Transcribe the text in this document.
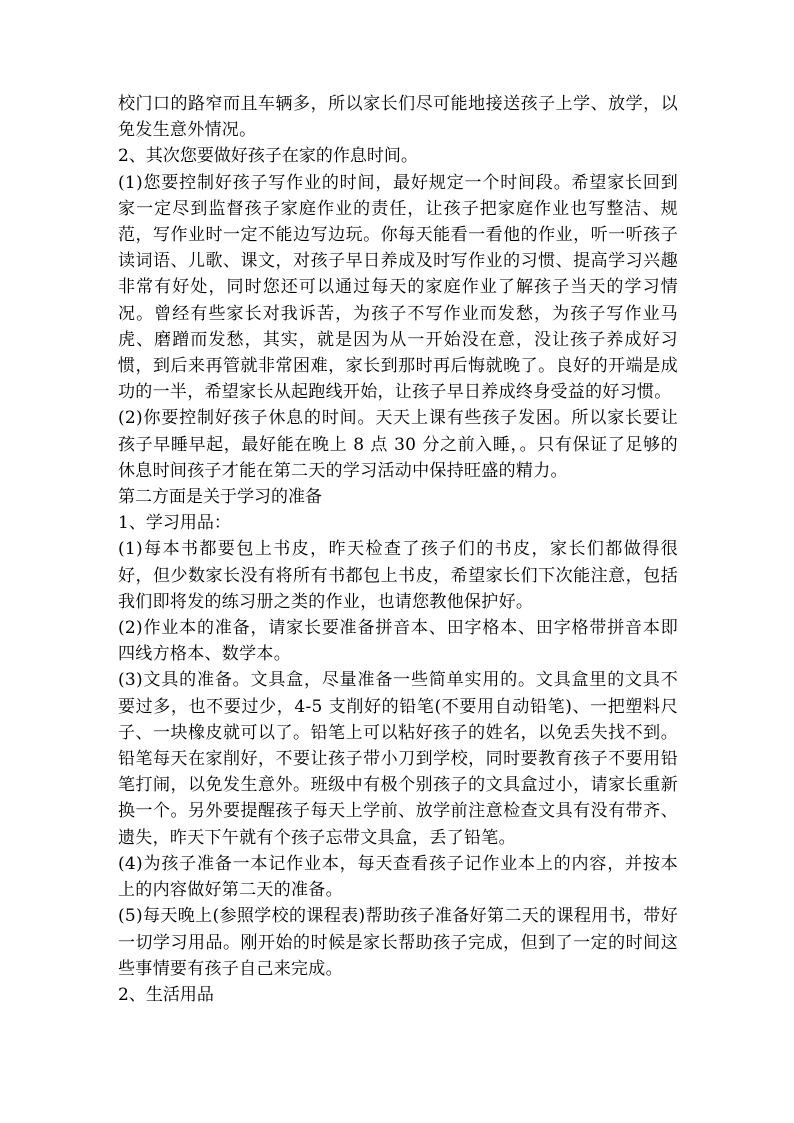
校门口的路窄而且车辆多，所以家长们尽可能地接送孩子上学、放学，以免发生意外情况。

2、其次您要做好孩子在家的作息时间。

(1)您要控制好孩子写作业的时间，最好规定一个时间段。希望家长回到家一定尽到监督孩子家庭作业的责任，让孩子把家庭作业也写整洁、规范，写作业时一定不能边写边玩。你每天能看一看他的作业，听一听孩子读词语、儿歌、课文，对孩子早日养成及时写作业的习惯、提高学习兴趣非常有好处，同时您还可以通过每天的家庭作业了解孩子当天的学习情况。曾经有些家长对我诉苦，为孩子不写作业而发愁，为孩子写作业马虎、磨蹭而发愁，其实，就是因为从一开始没在意，没让孩子养成好习惯，到后来再管就非常困难，家长到那时再后悔就晚了。良好的开端是成功的一半，希望家长从起跑线开始，让孩子早日养成终身受益的好习惯。

(2)你要控制好孩子休息的时间。天天上课有些孩子发困。所以家长要让孩子早睡早起，最好能在晚上 8 点 30 分之前入睡，。只有保证了足够的休息时间孩子才能在第二天的学习活动中保持旺盛的精力。

第二方面是关于学习的准备

1、学习用品：

(1)每本书都要包上书皮，昨天检查了孩子们的书皮，家长们都做得很好，但少数家长没有将所有书都包上书皮，希望家长们下次能注意，包括我们即将发的练习册之类的作业，也请您教他保护好。

(2)作业本的准备，请家长要准备拼音本、田字格本、田字格带拼音本即四线方格本、数学本。

(3)文具的准备。文具盒，尽量准备一些简单实用的。文具盒里的文具不要过多，也不要过少，4-5 支削好的铅笔(不要用自动铅笔)、一把塑料尺子、一块橡皮就可以了。铅笔上可以粘好孩子的姓名，以免丢失找不到。铅笔每天在家削好，不要让孩子带小刀到学校，同时要教育孩子不要用铅笔打闹，以免发生意外。班级中有极个别孩子的文具盒过小，请家长重新换一个。另外要提醒孩子每天上学前、放学前注意检查文具有没有带齐、遗失，昨天下午就有个孩子忘带文具盒，丢了铅笔。

(4)为孩子准备一本记作业本，每天查看孩子记作业本上的内容，并按本上的内容做好第二天的准备。

(5)每天晚上(参照学校的课程表)帮助孩子准备好第二天的课程用书，带好一切学习用品。刚开始的时候是家长帮助孩子完成，但到了一定的时间这些事情要有孩子自己来完成。

2、生活用品
